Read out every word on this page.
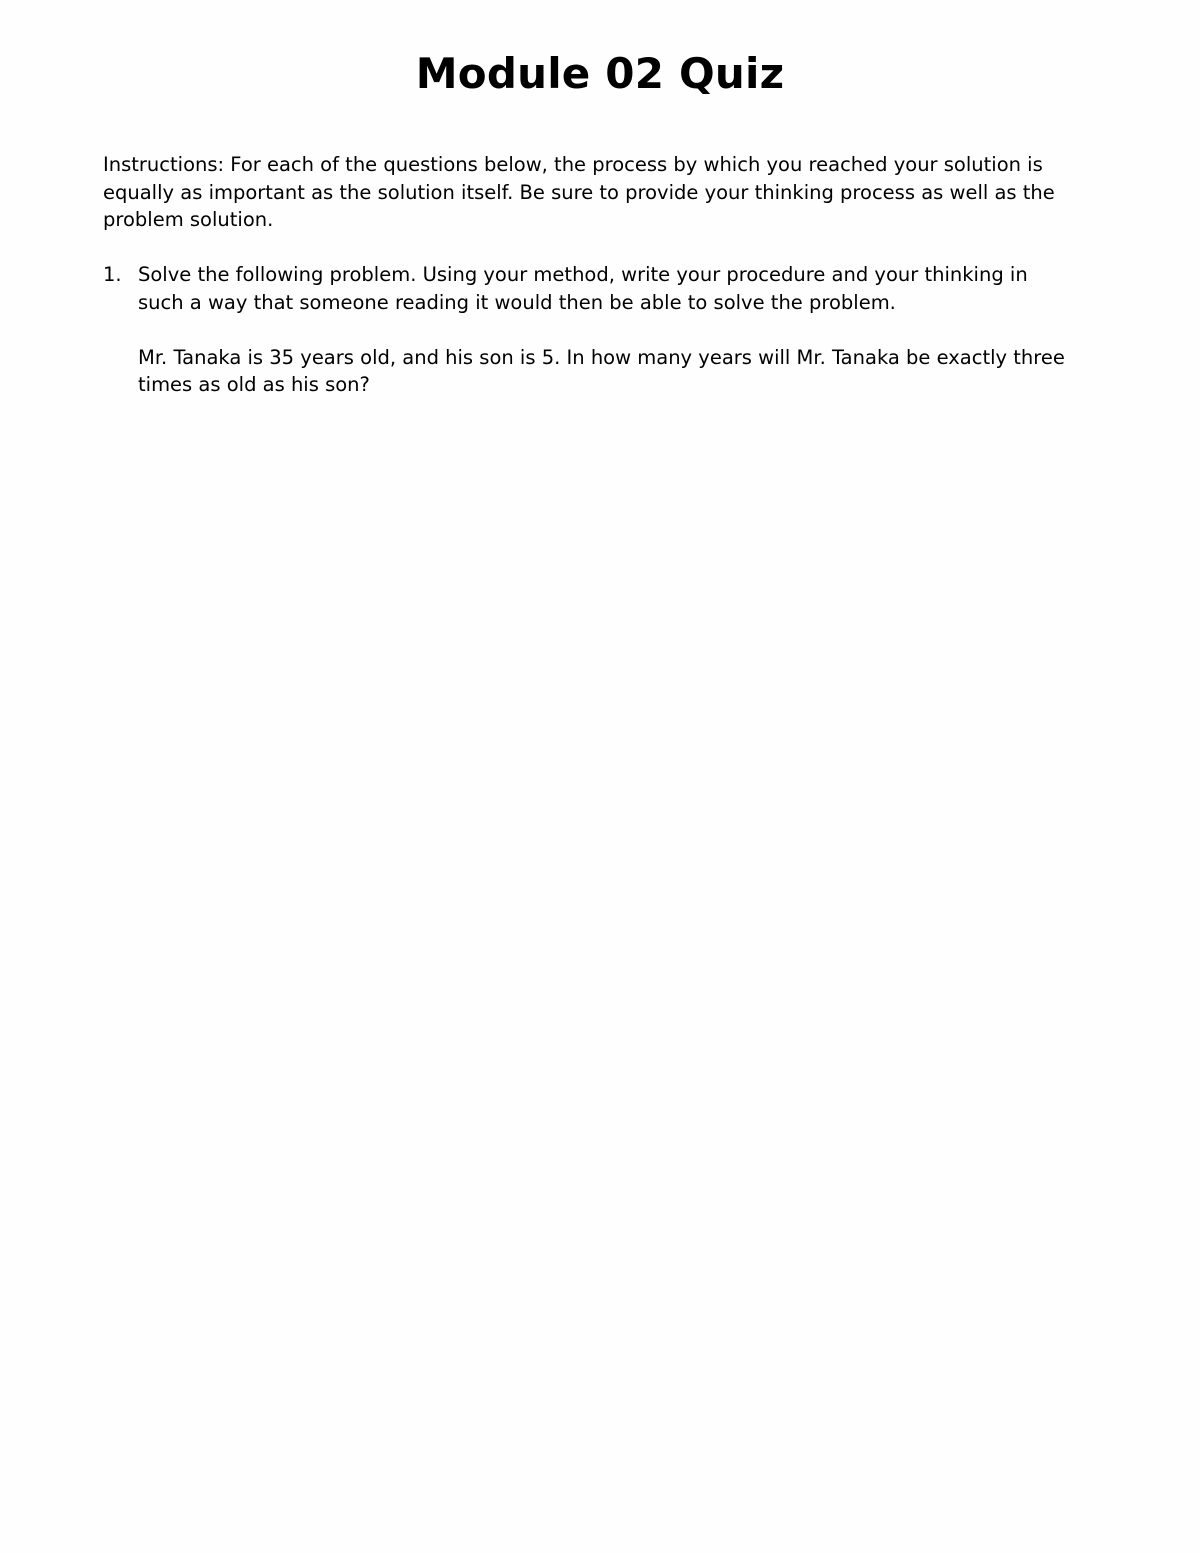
Module 02 Quiz
Instructions: For each of the questions below, the process by which you reached your solution is equally as important as the solution itself. Be sure to provide your thinking process as well as the problem solution.
1. Solve the following problem. Using your method, write your procedure and your thinking in such a way that someone reading it would then be able to solve the problem.
Mr. Tanaka is 35 years old, and his son is 5. In how many years will Mr. Tanaka be exactly three times as old as his son?
